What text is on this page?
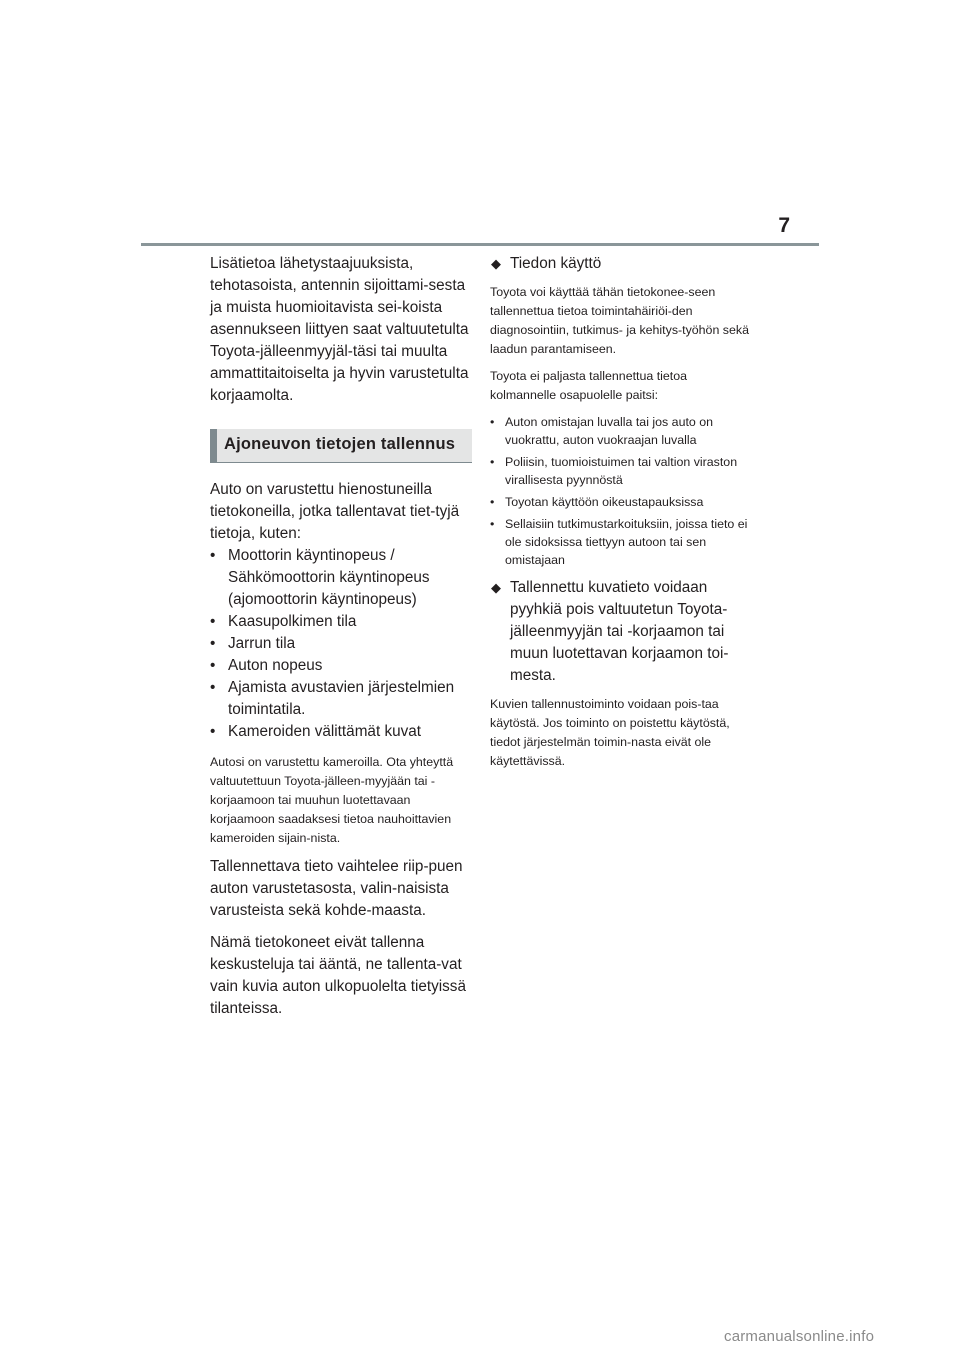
7

Lisätietoa lähetystaajuuksista, tehotasoista, antennin sijoittami-sesta ja muista huomioitavista sei-koista asennukseen liittyen saat valtuutetulta Toyota-jälleenmyyjäl-täsi tai muulta ammattitaitoiselta ja hyvin varustetulta korjaamolta.

Ajoneuvon tietojen tallennus

Auto on varustettu hienostuneilla tietokoneilla, jotka tallentavat tiet-tyjä tietoja, kuten:

• Moottorin käyntinopeus / Sähkömoottorin käyntinopeus (ajomoottorin käyntinopeus)
• Kaasupolkimen tila
• Jarrun tila
• Auton nopeus
• Ajamista avustavien järjestelmien toimintatila.
• Kameroiden välittämät kuvat

Autosi on varustettu kameroilla. Ota yhteyttä valtuutettuun Toyota-jälleen-myyjään tai -korjaamoon tai muuhun luotettavaan korjaamoon saadaksesi tietoa nauhoittavien kameroiden sijain-nista.

Tallennettava tieto vaihtelee riip-puen auton varustetasosta, valin-naisista varusteista sekä kohde-maasta.

Nämä tietokoneet eivät tallenna keskusteluja tai ääntä, ne tallenta-vat vain kuvia auton ulkopuolelta tietyissä tilanteissa.

◆ Tiedon käyttö

Toyota voi käyttää tähän tietokonee-seen tallennettua tietoa toimintahäiriöi-den diagnosointiin, tutkimus- ja kehitys-työhön sekä laadun parantamiseen.

Toyota ei paljasta tallennettua tietoa kolmannelle osapuolelle paitsi:

• Auton omistajan luvalla tai jos auto on vuokrattu, auton vuokraajan luvalla
• Poliisin, tuomioistuimen tai valtion viraston virallisesta pyynnöstä
• Toyotan käyttöön oikeustapauksissa
• Sellaisiin tutkimustarkoituksiin, joissa tieto ei ole sidoksissa tiettyyn autoon tai sen omistajaan
◆ Tallennettu kuvatieto voidaan pyyhkiä pois valtuutetun Toyota-jälleenmyyjän tai -korjaamon tai muun luotettavan korjaamon toi-mesta.

Kuvien tallennustoiminto voidaan pois-taa käytöstä. Jos toiminto on poistettu käytöstä, tiedot järjestelmän toimin-nasta eivät ole käytettävissä.

carmanualsonline.info
